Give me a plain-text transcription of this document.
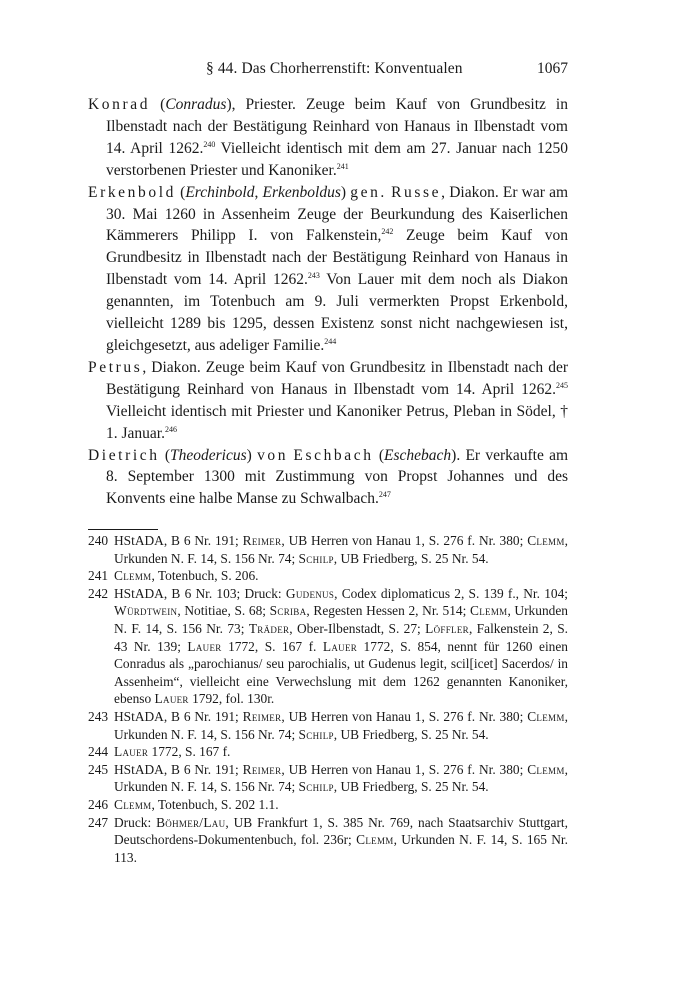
§ 44. Das Chorherrenstift: Konventualen	1067

Konrad (Conradus), Priester. Zeuge beim Kauf von Grundbesitz in Ilbenstadt nach der Bestätigung Reinhard von Hanaus in Ilbenstadt vom 14. April 1262.$^{240}$ Vielleicht identisch mit dem am 27. Januar nach 1250 verstorbenen Priester und Kanoniker.$^{241}$

Erkenbold (Erchinbold, Erkenboldus) gen. Russe, Diakon. Er war am 30. Mai 1260 in Assenheim Zeuge der Beurkundung des Kaiserlichen Kämmerers Philipp I. von Falkenstein,$^{242}$ Zeuge beim Kauf von Grundbesitz in Ilbenstadt nach der Bestätigung Reinhard von Hanaus in Ilbenstadt vom 14. April 1262.$^{243}$ Von Lauer mit dem noch als Diakon genannten, im Totenbuch am 9. Juli vermerkten Propst Erkenbold, vielleicht 1289 bis 1295, dessen Existenz sonst nicht nachgewiesen ist, gleichgesetzt, aus adeliger Familie.$^{244}$

Petrus, Diakon. Zeuge beim Kauf von Grundbesitz in Ilbenstadt nach der Bestätigung Reinhard von Hanaus in Ilbenstadt vom 14. April 1262.$^{245}$ Vielleicht identisch mit Priester und Kanoniker Petrus, Pleban in Södel, † 1. Januar.$^{246}$

Dietrich (Theodericus) von Eschbach (Eschebach). Er verkaufte am 8. September 1300 mit Zustimmung von Propst Johannes und des Konvents eine halbe Manse zu Schwalbach.$^{247}$

240 HStADA, B 6 Nr. 191; Reimer, UB Herren von Hanau 1, S. 276 f. Nr. 380; Clemm, Urkunden N. F. 14, S. 156 Nr. 74; Schilp, UB Friedberg, S. 25 Nr. 54.
241 Clemm, Totenbuch, S. 206.
242 HStADA, B 6 Nr. 103; Druck: Gudenus, Codex diplomaticus 2, S. 139 f., Nr. 104; Würdtwein, Notitiae, S. 68; Scriba, Regesten Hessen 2, Nr. 514; Clemm, Urkunden N. F. 14, S. 156 Nr. 73; Träder, Ober-Ilbenstadt, S. 27; Löffler, Falkenstein 2, S. 43 Nr. 139; Lauer 1772, S. 167 f. Lauer 1772, S. 854, nennt für 1260 einen Conradus als „parochianus/ seu parochialis, ut Gudenus legit, scil[icet] Sacerdos/ in Assenheim“, vielleicht eine Verwechslung mit dem 1262 genannten Kanoniker, ebenso Lauer 1792, fol. 130r.
243 HStADA, B 6 Nr. 191; Reimer, UB Herren von Hanau 1, S. 276 f. Nr. 380; Clemm, Urkunden N. F. 14, S. 156 Nr. 74; Schilp, UB Friedberg, S. 25 Nr. 54.
244 Lauer 1772, S. 167 f.
245 HStADA, B 6 Nr. 191; Reimer, UB Herren von Hanau 1, S. 276 f. Nr. 380; Clemm, Urkunden N. F. 14, S. 156 Nr. 74; Schilp, UB Friedberg, S. 25 Nr. 54.
246 Clemm, Totenbuch, S. 202 1.1.
247 Druck: Böhmer/Lau, UB Frankfurt 1, S. 385 Nr. 769, nach Staatsarchiv Stuttgart, Deutschordens-Dokumentenbuch, fol. 236r; Clemm, Urkunden N. F. 14, S. 165 Nr. 113.
